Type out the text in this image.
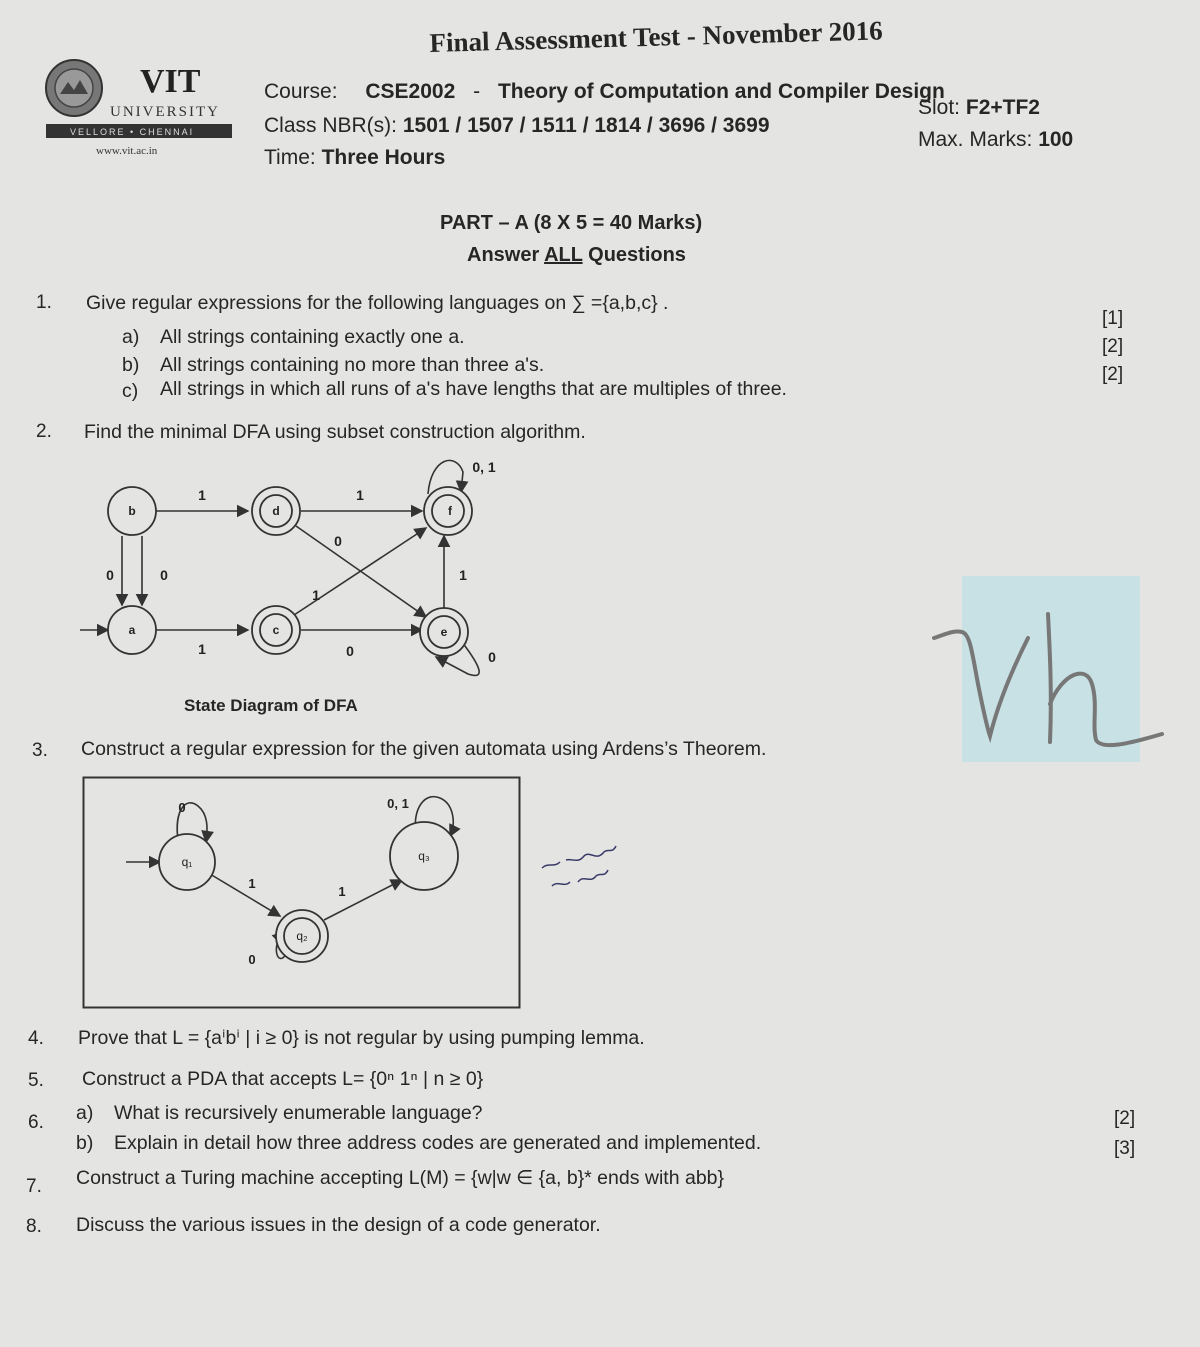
VIT
UNIVERSITY
VELLORE • CHENNAI
www.vit.ac.in
Final Assessment Test - November 2016
Course: CSE2002 - Theory of Computation and Compiler Design
Class NBR(s): 1501 / 1507 / 1511 / 1814 / 3696 / 3699
Time: Three Hours
Slot: F2+TF2
Max. Marks: 100
PART – A (8 X 5 = 40 Marks)
Answer ALL Questions
1. Give regular expressions for the following languages on ∑ ={a,b,c} .
a) All strings containing exactly one a.
b) All strings containing no more than three a's.
c) All strings in which all runs of a's have lengths that are multiples of three.
[1]
[2]
[2]
2. Find the minimal DFA using subset construction algorithm.
b
a	c
d
e
f
1	1
1	0
0	0
0
1
1
0, 1
0
State Diagram of DFA
3. Construct a regular expression for the given automata using Ardens’s Theorem.
q₁
q₂
q₃
0	0, 1
1
1
0
4. Prove that L = {aⁱbⁱ | i ≥ 0} is not regular by using pumping lemma.
5. Construct a PDA that accepts L= {0ⁿ 1ⁿ | n ≥ 0}
6. a) What is recursively enumerable language?
b) Explain in detail how three address codes are generated and implemented.
[2]
[3]
7. Construct a Turing machine accepting L(M) = {w|w ∈ {a, b}* ends with abb}
8. Discuss the various issues in the design of a code generator.
